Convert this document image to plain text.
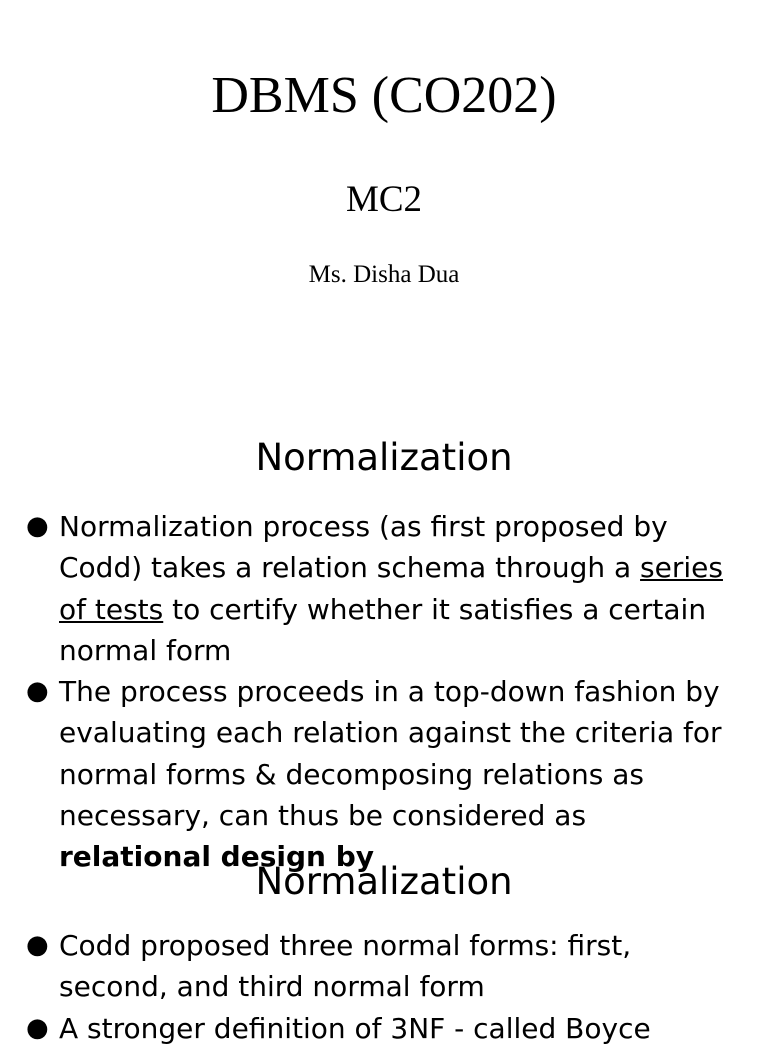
DBMS (CO202)
MC2
Ms. Disha Dua
Normalization
● Normalization process (as first proposed by Codd) takes a relation schema through a series of tests to certify whether it satisfies a certain normal form
● The process proceeds in a top-down fashion by evaluating each relation against the criteria for normal forms & decomposing relations as necessary, can thus be considered as relational design by
Normalization
● Codd proposed three normal forms: first, second, and third normal form
● A stronger definition of 3NF - called Boyce
